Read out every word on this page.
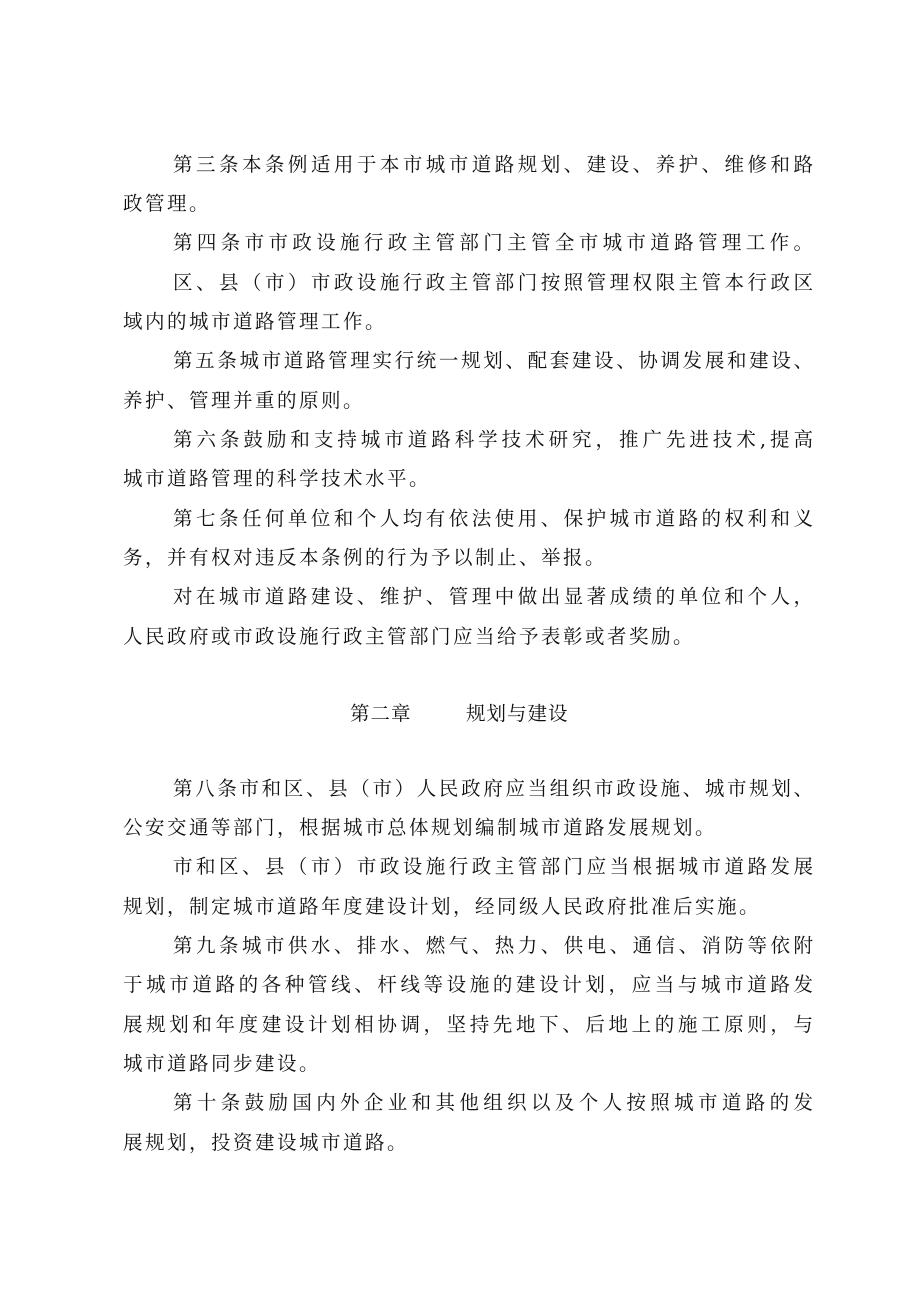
第三条本条例适用于本市城市道路规划、建设、养护、维修和路
政管理。
第四条市市政设施行政主管部门主管全市城市道路管理工作。
区、县（市）市政设施行政主管部门按照管理权限主管本行政区
域内的城市道路管理工作。
第五条城市道路管理实行统一规划、配套建设、协调发展和建设、
养护、管理并重的原则。
第六条鼓励和支持城市道路科学技术研究，推广先进技术,提高
城市道路管理的科学技术水平。
第七条任何单位和个人均有依法使用、保护城市道路的权利和义
务，并有权对违反本条例的行为予以制止、举报。
对在城市道路建设、维护、管理中做出显著成绩的单位和个人，
人民政府或市政设施行政主管部门应当给予表彰或者奖励。
第二章	规划与建设
第八条市和区、县（市）人民政府应当组织市政设施、城市规划、
公安交通等部门，根据城市总体规划编制城市道路发展规划。
市和区、县（市）市政设施行政主管部门应当根据城市道路发展
规划，制定城市道路年度建设计划，经同级人民政府批准后实施。
第九条城市供水、排水、燃气、热力、供电、通信、消防等依附
于城市道路的各种管线、杆线等设施的建设计划，应当与城市道路发
展规划和年度建设计划相协调，坚持先地下、后地上的施工原则，与
城市道路同步建设。
第十条鼓励国内外企业和其他组织以及个人按照城市道路的发
展规划，投资建设城市道路。
